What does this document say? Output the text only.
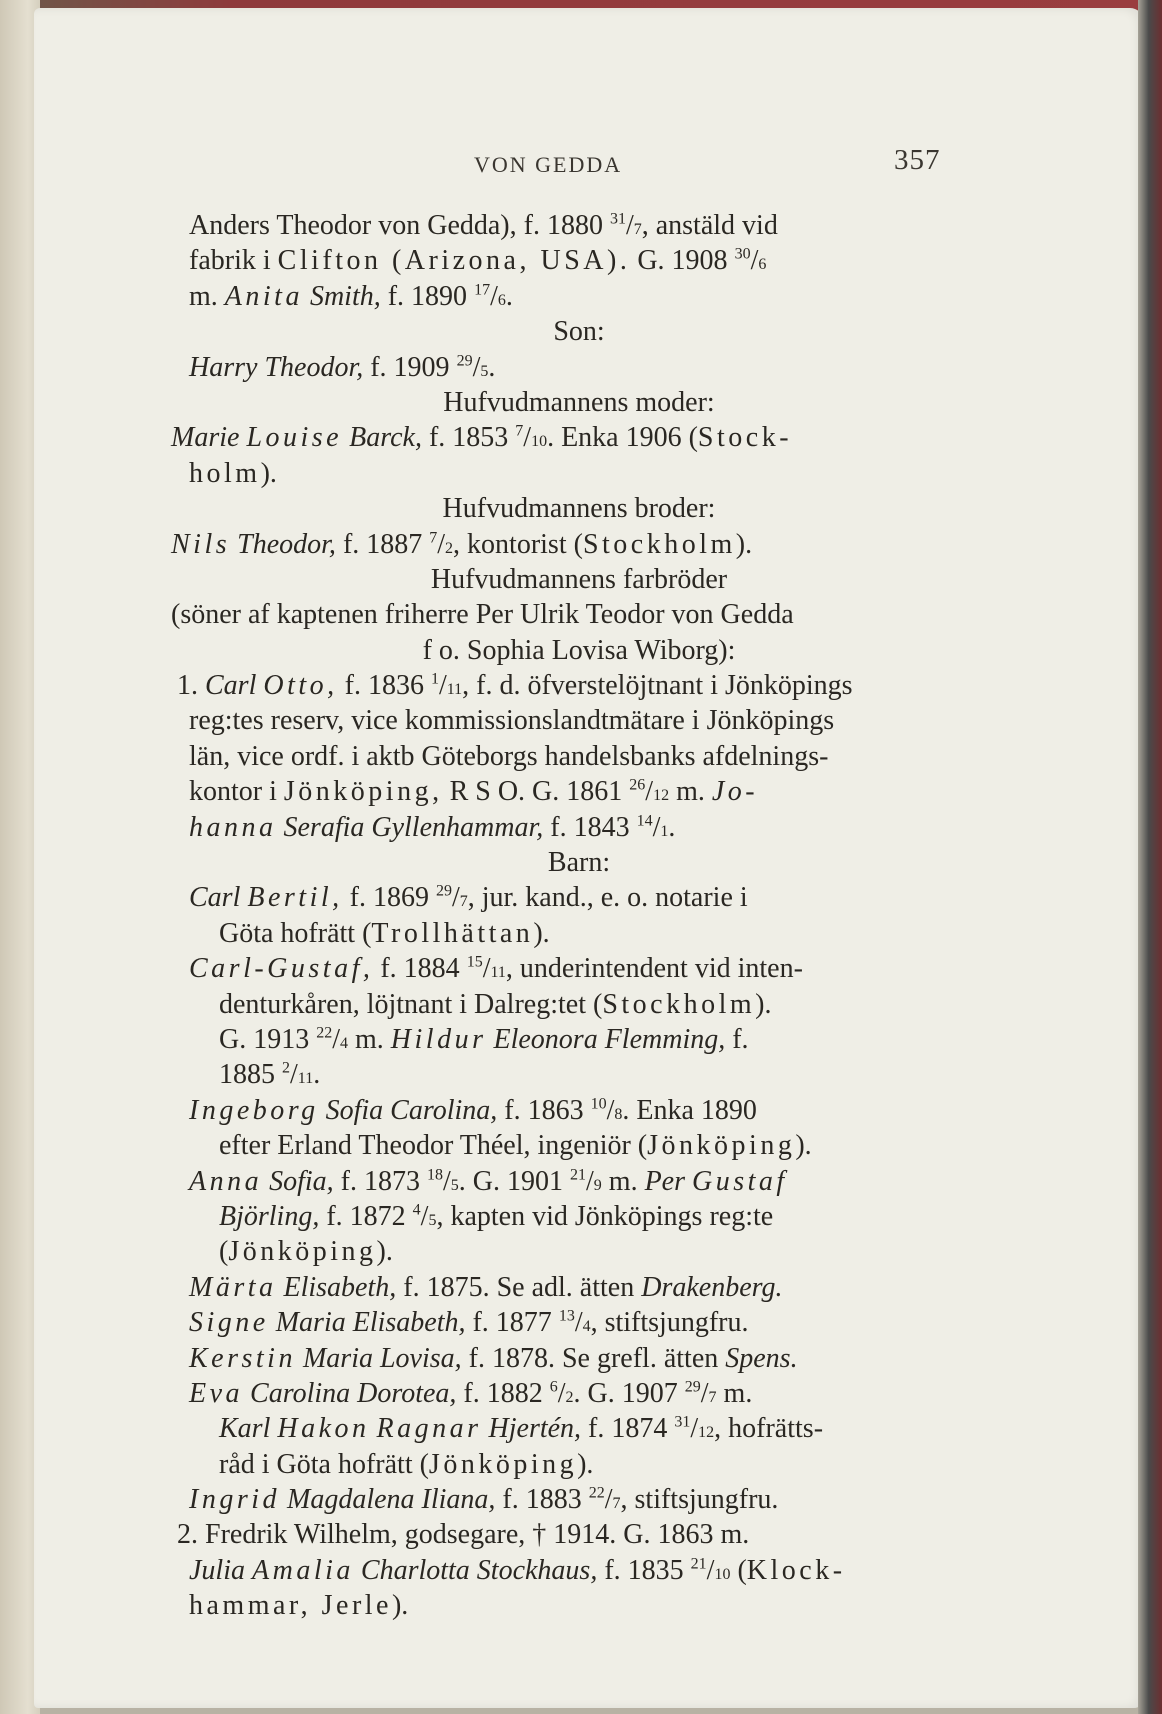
VON GEDDA	357
Anders Theodor von Gedda), f. 1880 $^{31}$/7, anstäld vid
fabrik i Clifton (Arizona, USA). G. 1908 $^{30}$/6
m. Anita Smith, f. 1890 $^{17}$/6.
Son:
Harry Theodor, f. 1909 $^{29}$/5.
Hufvudmannens moder:
Marie Louise Barck, f. 1853 $^7$/10. Enka 1906 (Stock-
holm).
Hufvudmannens broder:
Nils Theodor, f. 1887 $^7$/2, kontorist (Stockholm).
Hufvudmannens farbröder
(söner af kaptenen friherre Per Ulrik Teodor von Gedda
f o. Sophia Lovisa Wiborg):
1. Carl Otto, f. 1836 $^1$/11, f. d. öfverstelöjtnant i Jönköpings
reg:tes reserv, vice kommissionslandtmätare i Jönköpings
län, vice ordf. i aktb Göteborgs handelsbanks afdelnings-
kontor i Jönköping, R S O. G. 1861 $^{26}$/12 m. Jo-
hanna Serafia Gyllenhammar, f. 1843 $^{14}$/1.
Barn:
Carl Bertil, f. 1869 $^{29}$/7, jur. kand., e. o. notarie i
Göta hofrätt (Trollhättan).
Carl-Gustaf, f. 1884 $^{15}$/11, underintendent vid inten-
denturkåren, löjtnant i Dalreg:tet (Stockholm).
G. 1913 $^{22}$/4 m. Hildur Eleonora Flemming, f.
1885 $^2$/11.
Ingeborg Sofia Carolina, f. 1863 $^{10}$/8. Enka 1890
efter Erland Theodor Théel, ingeniör (Jönköping).
Anna Sofia, f. 1873 $^{18}$/5. G. 1901 $^{21}$/9 m. Per Gustaf
Björling, f. 1872 $^4$/5, kapten vid Jönköpings reg:te
(Jönköping).
Märta Elisabeth, f. 1875. Se adl. ätten Drakenberg.
Signe Maria Elisabeth, f. 1877 $^{13}$/4, stiftsjungfru.
Kerstin Maria Lovisa, f. 1878. Se grefl. ätten Spens.
Eva Carolina Dorotea, f. 1882 $^6$/2. G. 1907 $^{29}$/7 m.
Karl Hakon Ragnar Hjertén, f. 1874 $^{31}$/12, hofrätts-
råd i Göta hofrätt (Jönköping).
Ingrid Magdalena Iliana, f. 1883 $^{22}$/7, stiftsjungfru.
2. Fredrik Wilhelm, godsegare, † 1914. G. 1863 m.
Julia Amalia Charlotta Stockhaus, f. 1835 $^{21}$/10 (Klock-
hammar, Jerle).
